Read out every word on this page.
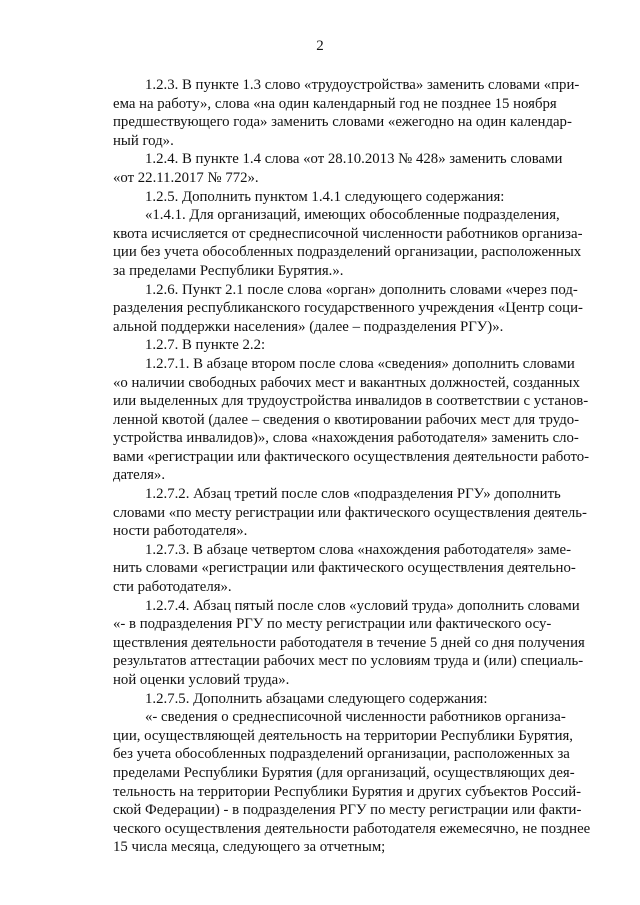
2
1.2.3. В пункте 1.3 слово «трудоустройства» заменить словами «при-
ема на работу», слова «на один календарный год не позднее 15 ноября
предшествующего года» заменить словами «ежегодно на один календар-
ный год».
1.2.4. В пункте 1.4 слова «от 28.10.2013 № 428» заменить словами
«от 22.11.2017 № 772».
1.2.5. Дополнить пунктом 1.4.1 следующего содержания:
«1.4.1. Для организаций, имеющих обособленные подразделения,
квота исчисляется от среднесписочной численности работников организа-
ции без учета обособленных подразделений организации, расположенных
за пределами Республики Бурятия.».
1.2.6. Пункт 2.1 после слова «орган» дополнить словами «через под-
разделения республиканского государственного учреждения «Центр соци-
альной поддержки населения» (далее – подразделения РГУ)».
1.2.7. В пункте 2.2:
1.2.7.1. В абзаце втором после слова «сведения» дополнить словами
«о наличии свободных рабочих мест и вакантных должностей, созданных
или выделенных для трудоустройства инвалидов в соответствии с установ-
ленной квотой (далее – сведения о квотировании рабочих мест для трудо-
устройства инвалидов)», слова «нахождения работодателя» заменить сло-
вами «регистрации или фактического осуществления деятельности работо-
дателя».
1.2.7.2. Абзац третий после слов «подразделения РГУ» дополнить
словами «по месту регистрации или фактического осуществления деятель-
ности работодателя».
1.2.7.3. В абзаце четвертом слова «нахождения работодателя» заме-
нить словами «регистрации или фактического осуществления деятельно-
сти работодателя».
1.2.7.4. Абзац пятый после слов «условий труда» дополнить словами
«- в подразделения РГУ по месту регистрации или фактического осу-
ществления деятельности работодателя в течение 5 дней со дня получения
результатов аттестации рабочих мест по условиям труда и (или) специаль-
ной оценки условий труда».
1.2.7.5. Дополнить абзацами следующего содержания:
«- сведения о среднесписочной численности работников организа-
ции, осуществляющей деятельность на территории Республики Бурятия,
без учета обособленных подразделений организации, расположенных за
пределами Республики Бурятия (для организаций, осуществляющих дея-
тельность на территории Республики Бурятия и других субъектов Россий-
ской Федерации) - в подразделения РГУ по месту регистрации или факти-
ческого осуществления деятельности работодателя ежемесячно, не позднее
15 числа месяца, следующего за отчетным;
